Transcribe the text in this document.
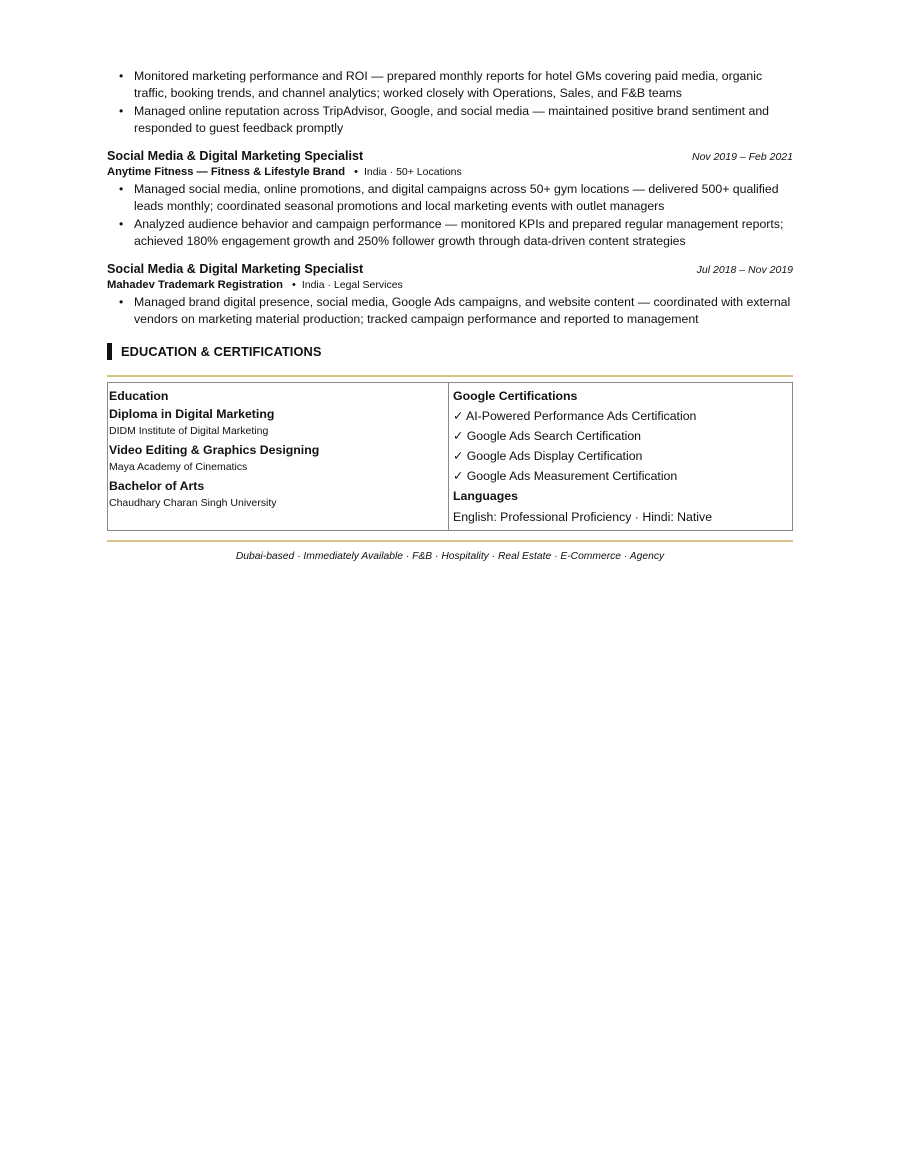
• Monitored marketing performance and ROI — prepared monthly reports for hotel GMs covering paid media, organic traffic, booking trends, and channel analytics; worked closely with Operations, Sales, and F&B teams
• Managed online reputation across TripAdvisor, Google, and social media — maintained positive brand sentiment and responded to guest feedback promptly
Social Media & Digital Marketing Specialist	Nov 2019 – Feb 2021
Anytime Fitness — Fitness & Lifestyle Brand • India · 50+ Locations
• Managed social media, online promotions, and digital campaigns across 50+ gym locations — delivered 500+ qualified leads monthly; coordinated seasonal promotions and local marketing events with outlet managers
• Analyzed audience behavior and campaign performance — monitored KPIs and prepared regular management reports; achieved 180% engagement growth and 250% follower growth through data-driven content strategies
Social Media & Digital Marketing Specialist	Jul 2018 – Nov 2019
Mahadev Trademark Registration • India · Legal Services
• Managed brand digital presence, social media, Google Ads campaigns, and website content — coordinated with external vendors on marketing material production; tracked campaign performance and reported to management
EDUCATION & CERTIFICATIONS
Education
Diploma in Digital Marketing
DIDM Institute of Digital Marketing
Video Editing & Graphics Designing
Maya Academy of Cinematics
Bachelor of Arts
Chaudhary Charan Singh University
Google Certifications
✓ AI-Powered Performance Ads Certification
✓ Google Ads Search Certification
✓ Google Ads Display Certification
✓ Google Ads Measurement Certification
Languages
English: Professional Proficiency · Hindi: Native
Dubai-based · Immediately Available · F&B · Hospitality · Real Estate · E-Commerce · Agency
